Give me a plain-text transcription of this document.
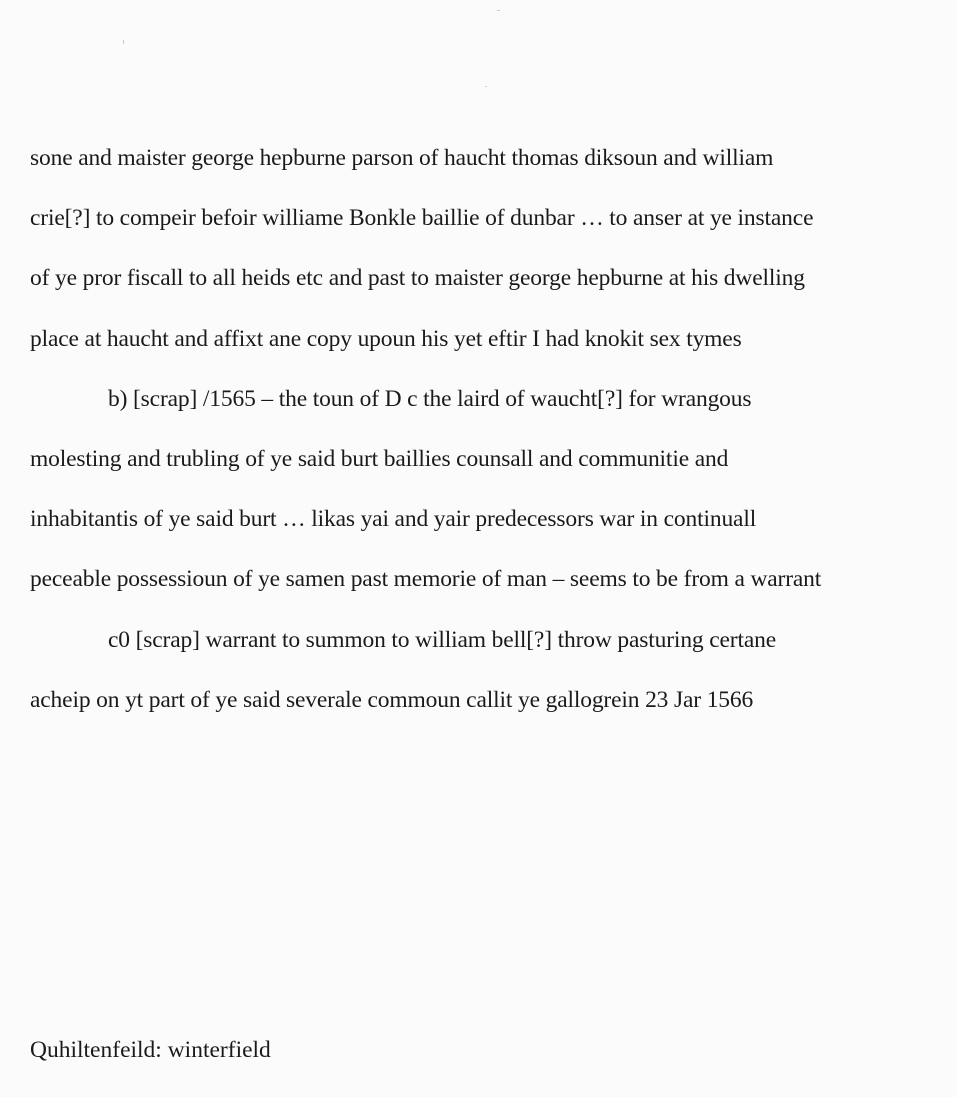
sone and maister george hepburne parson of haucht thomas diksoun and william
crie[?] to compeir befoir williame Bonkle baillie of dunbar … to anser at ye instance
of ye pror fiscall to all heids etc and past to maister george hepburne at his dwelling
place at haucht and affixt ane copy upoun his yet eftir I had knokit sex tymes
b) [scrap] /1565 – the toun of D c the laird of waucht[?] for wrangous
molesting and trubling of ye said burt baillies counsall and communitie and
inhabitantis of ye said burt … likas yai and yair predecessors war in continuall
peceable possessioun of ye samen past memorie of man – seems to be from a warrant
c0 [scrap] warrant to summon to william bell[?] throw pasturing certane
acheip on yt part of ye said severale commoun callit ye gallogrein 23 Jar 1566
Quhiltenfeild: winterfield
